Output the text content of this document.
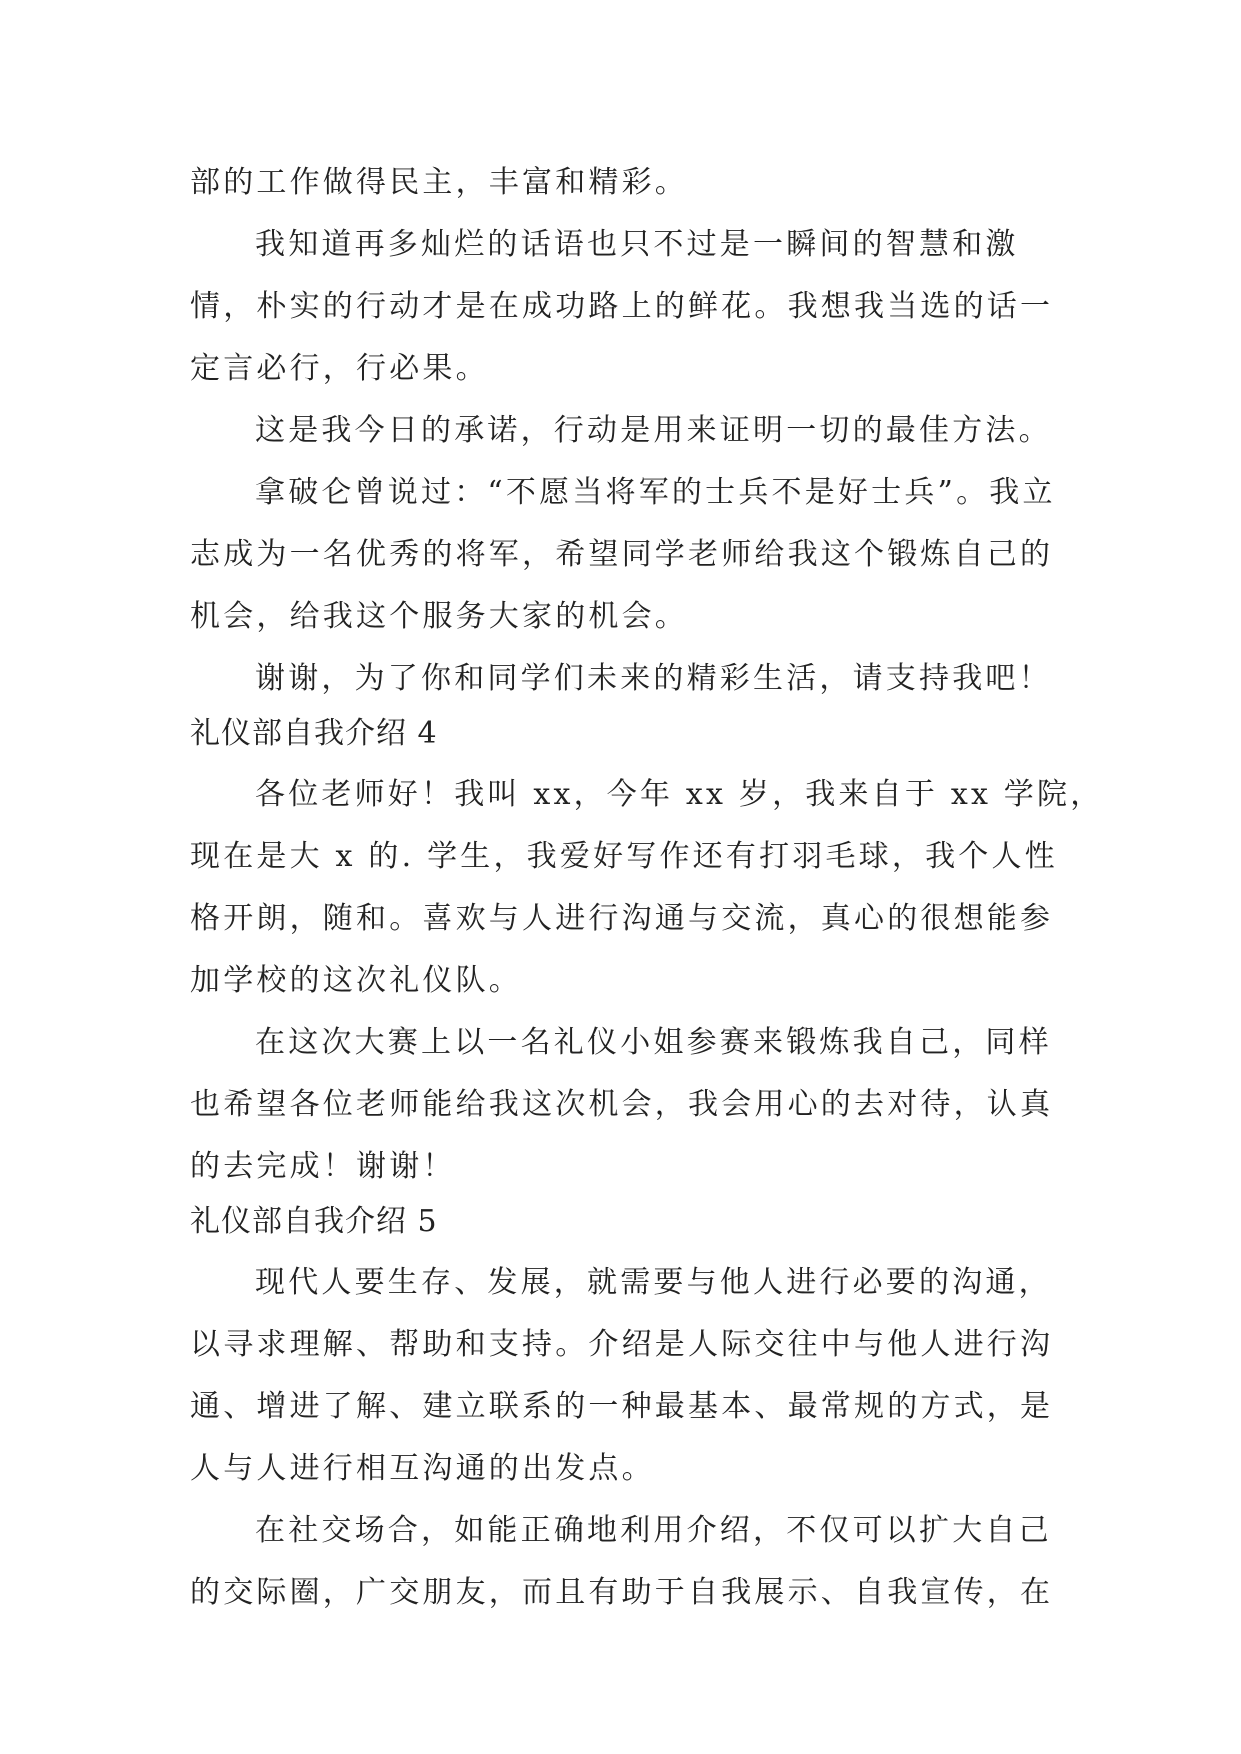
部的工作做得民主，丰富和精彩。
我知道再多灿烂的话语也只不过是一瞬间的智慧和激
情，朴实的行动才是在成功路上的鲜花。我想我当选的话一
定言必行，行必果。
这是我今日的承诺，行动是用来证明一切的最佳方法。
拿破仑曾说过：“不愿当将军的士兵不是好士兵”。我立
志成为一名优秀的将军，希望同学老师给我这个锻炼自己的
机会，给我这个服务大家的机会。
谢谢，为了你和同学们未来的精彩生活，请支持我吧！
礼仪部自我介绍 4
各位老师好！我叫 xx，今年 xx 岁，我来自于 xx 学院，
现在是大 x 的. 学生，我爱好写作还有打羽毛球，我个人性
格开朗，随和。喜欢与人进行沟通与交流，真心的很想能参
加学校的这次礼仪队。
在这次大赛上以一名礼仪小姐参赛来锻炼我自己，同样
也希望各位老师能给我这次机会，我会用心的去对待，认真
的去完成！谢谢！
礼仪部自我介绍 5
现代人要生存、发展，就需要与他人进行必要的沟通，
以寻求理解、帮助和支持。介绍是人际交往中与他人进行沟
通、增进了解、建立联系的一种最基本、最常规的方式，是
人与人进行相互沟通的出发点。
在社交场合，如能正确地利用介绍，不仅可以扩大自己
的交际圈，广交朋友，而且有助于自我展示、自我宣传，在
